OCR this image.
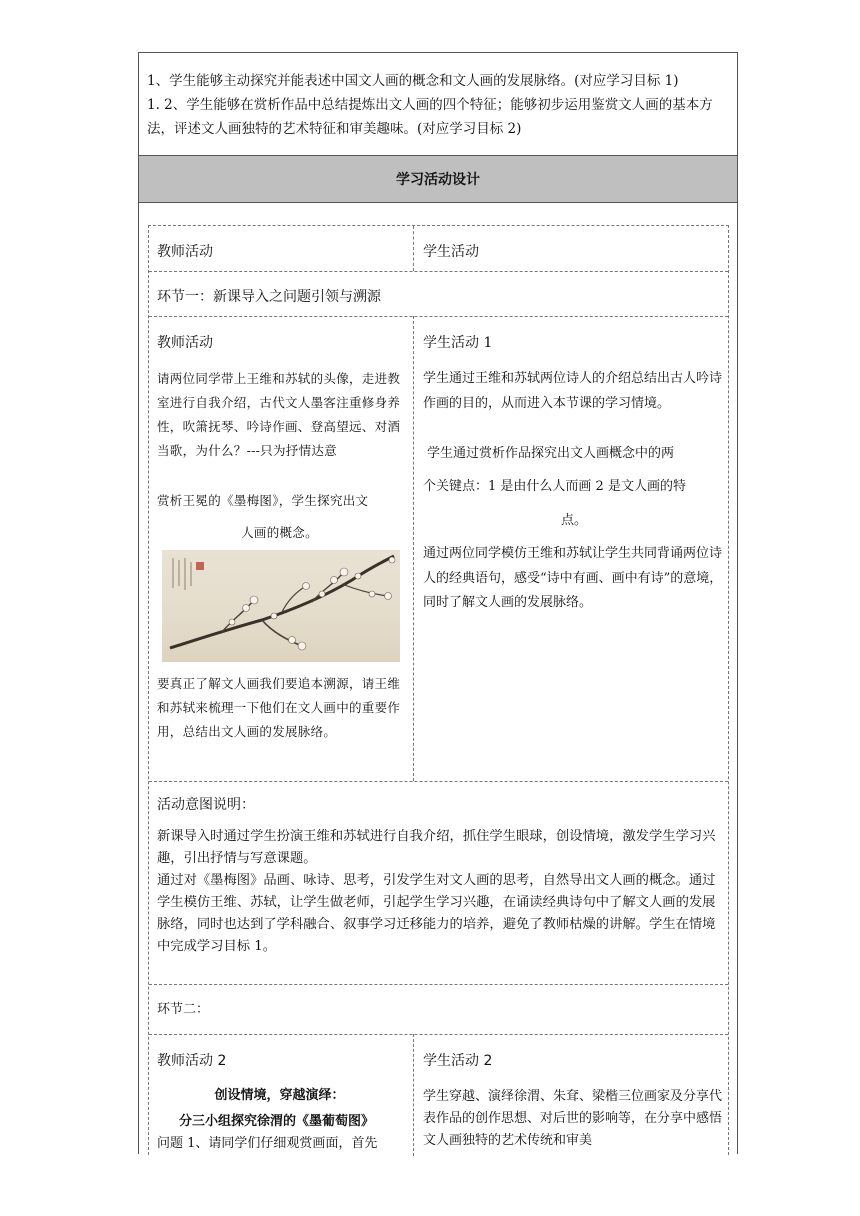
1、学生能够主动探究并能表述中国文人画的概念和文人画的发展脉络。(对应学习目标 1)

1. 2、学生能够在赏析作品中总结提炼出文人画的四个特征；能够初步运用鉴赏文人画的基本方法，评述文人画独特的艺术特征和审美趣味。(对应学习目标 2)

学习活动设计
教师活动	学生活动
环节一：新课导入之问题引领与溯源
教师活动
请两位同学带上王维和苏轼的头像，走进教室进行自我介绍，古代文人墨客注重修身养性，吹箫抚琴、吟诗作画、登高望远、对酒当歌，为什么？---只为抒情达意
赏析王冕的《墨梅图》，学生探究出文
人画的概念。
要真正了解文人画我们要追本溯源，请王维和苏轼来梳理一下他们在文人画中的重要作用，总结出文人画的发展脉络。
学生活动 1
学生通过王维和苏轼两位诗人的介绍总结出古人吟诗作画的目的，从而进入本节课的学习情境。
学生通过赏析作品探究出文人画概念中的两
个关键点：1 是由什么人而画 2 是文人画的特
点。
通过两位同学模仿王维和苏轼让学生共同背诵两位诗人的经典语句，感受“诗中有画、画中有诗”的意境，同时了解文人画的发展脉络。
活动意图说明：
新课导入时通过学生扮演王维和苏轼进行自我介绍，抓住学生眼球，创设情境，激发学生学习兴趣，引出抒情与写意课题。
通过对《墨梅图》品画、咏诗、思考，引发学生对文人画的思考，自然导出文人画的概念。通过学生模仿王维、苏轼，让学生做老师，引起学生学习兴趣，在诵读经典诗句中了解文人画的发展脉络，同时也达到了学科融合、叙事学习迁移能力的培养，避免了教师枯燥的讲解。学生在情境中完成学习目标 1。
环节二：
教师活动 2
创设情境，穿越演绎：
分三小组探究徐渭的《墨葡萄图》
问题 1、请同学们仔细观赏画面，首先
学生活动 2
学生穿越、演绎徐渭、朱耷、梁楷三位画家及分享代表作品的创作思想、对后世的影响等，在分享中感悟文人画独特的艺术传统和审美
